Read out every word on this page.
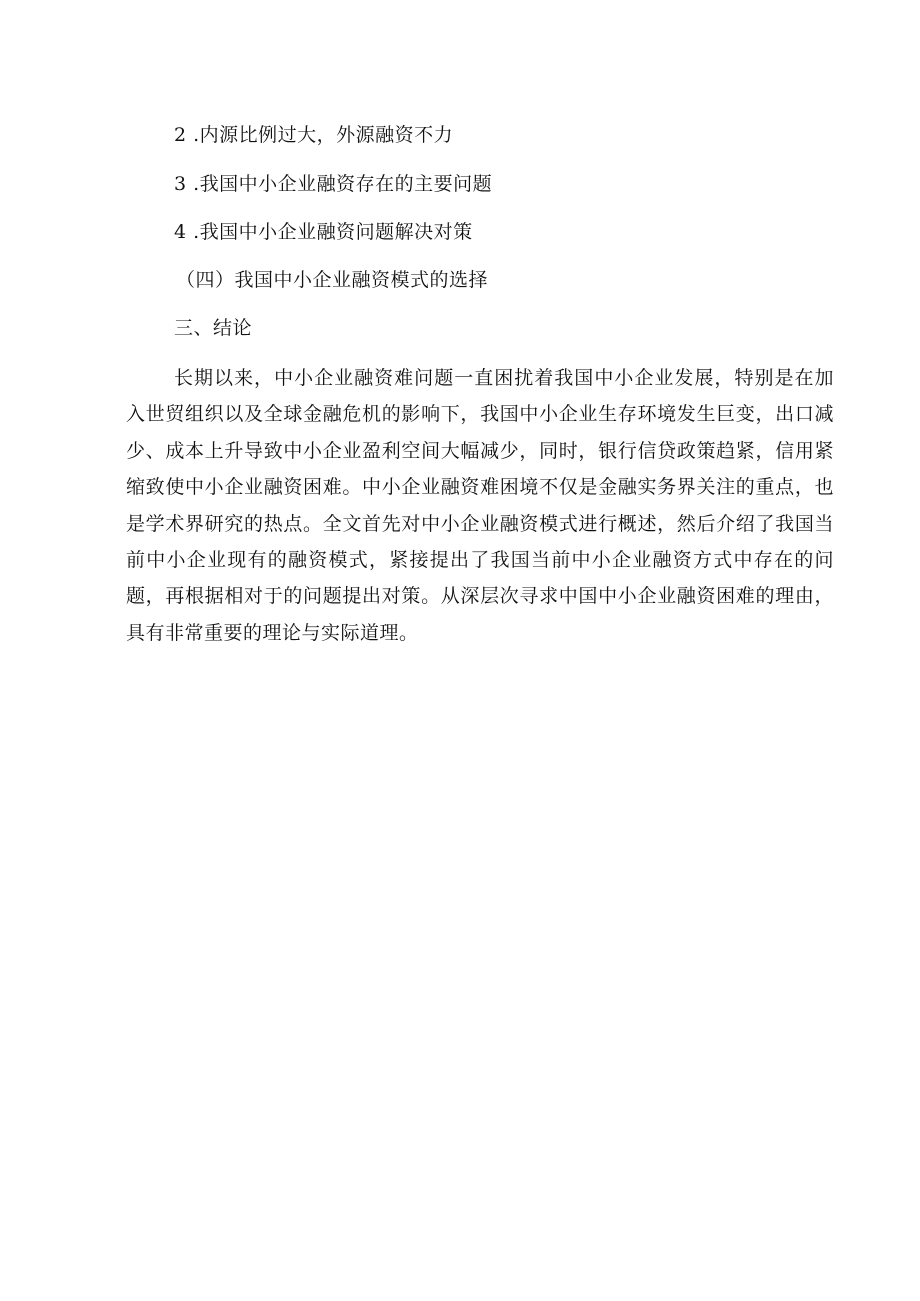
2 .内源比例过大，外源融资不力
3 .我国中小企业融资存在的主要问题
4 .我国中小企业融资问题解决对策
（四）我国中小企业融资模式的选择
三、结论

长期以来，中小企业融资难问题一直困扰着我国中小企业发展，特别是在加入世贸组织以及全球金融危机的影响下，我国中小企业生存环境发生巨变，出口减少、成本上升导致中小企业盈利空间大幅减少，同时，银行信贷政策趋紧，信用紧缩致使中小企业融资困难。中小企业融资难困境不仅是金融实务界关注的重点，也是学术界研究的热点。全文首先对中小企业融资模式进行概述，然后介绍了我国当前中小企业现有的融资模式，紧接提出了我国当前中小企业融资方式中存在的问题，再根据相对于的问题提出对策。从深层次寻求中国中小企业融资困难的理由，具有非常重要的理论与实际道理。
